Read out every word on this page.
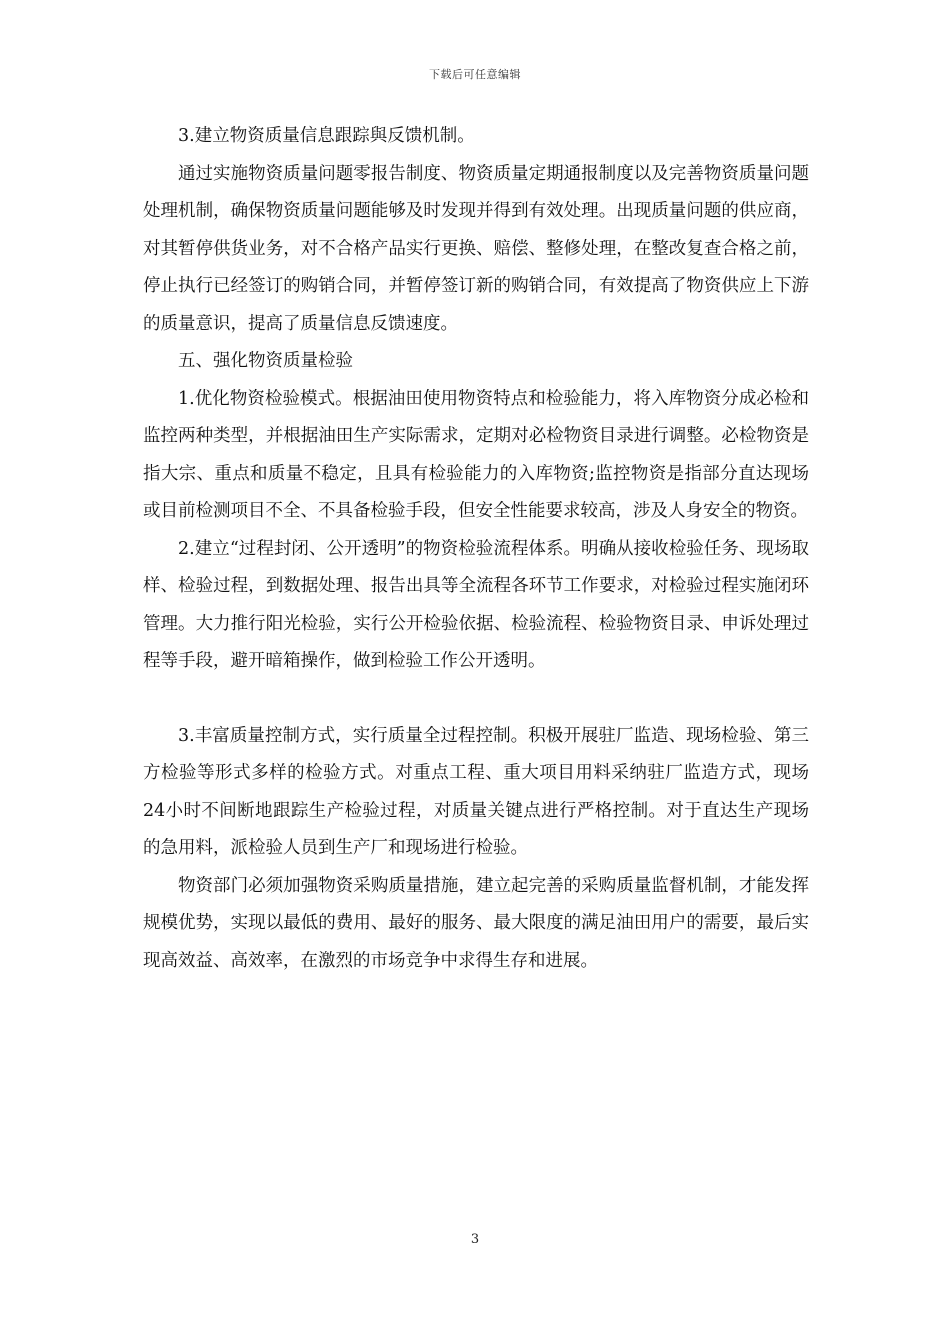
下载后可任意编辑

3.建立物资质量信息跟踪與反馈机制。

通过实施物资质量问题零报告制度、物资质量定期通报制度以及完善物资质量问题处理机制，确保物资质量问题能够及时发现并得到有效处理。出现质量问题的供应商，对其暂停供货业务，对不合格产品实行更换、赔偿、整修处理，在整改复查合格之前，停止执行已经签订的购销合同，并暂停签订新的购销合同，有效提高了物资供应上下游的质量意识，提高了质量信息反馈速度。

五、强化物资质量检验

1.优化物资检验模式。根据油田使用物资特点和检验能力，将入库物资分成必检和监控两种类型，并根据油田生产实际需求，定期对必检物资目录进行调整。必检物资是指大宗、重点和质量不稳定，且具有检验能力的入库物资;监控物资是指部分直达现场或目前检测项目不全、不具备检验手段，但安全性能要求较高，涉及人身安全的物资。

2.建立“过程封闭、公开透明”的物资检验流程体系。明确从接收检验任务、现场取样、检验过程，到数据处理、报告出具等全流程各环节工作要求，对检验过程实施闭环管理。大力推行阳光检验，实行公开检验依据、检验流程、检验物资目录、申诉处理过程等手段，避开暗箱操作，做到检验工作公开透明。

3.丰富质量控制方式，实行质量全过程控制。积极开展驻厂监造、现场检验、第三方检验等形式多样的检验方式。对重点工程、重大项目用料采纳驻厂监造方式，现场24小时不间断地跟踪生产检验过程，对质量关键点进行严格控制。对于直达生产现场的急用料，派检验人员到生产厂和现场进行检验。

物资部门必须加强物资采购质量措施，建立起完善的采购质量监督机制，才能发挥规模优势，实现以最低的费用、最好的服务、最大限度的满足油田用户的需要，最后实现高效益、高效率，在激烈的市场竞争中求得生存和进展。

3
